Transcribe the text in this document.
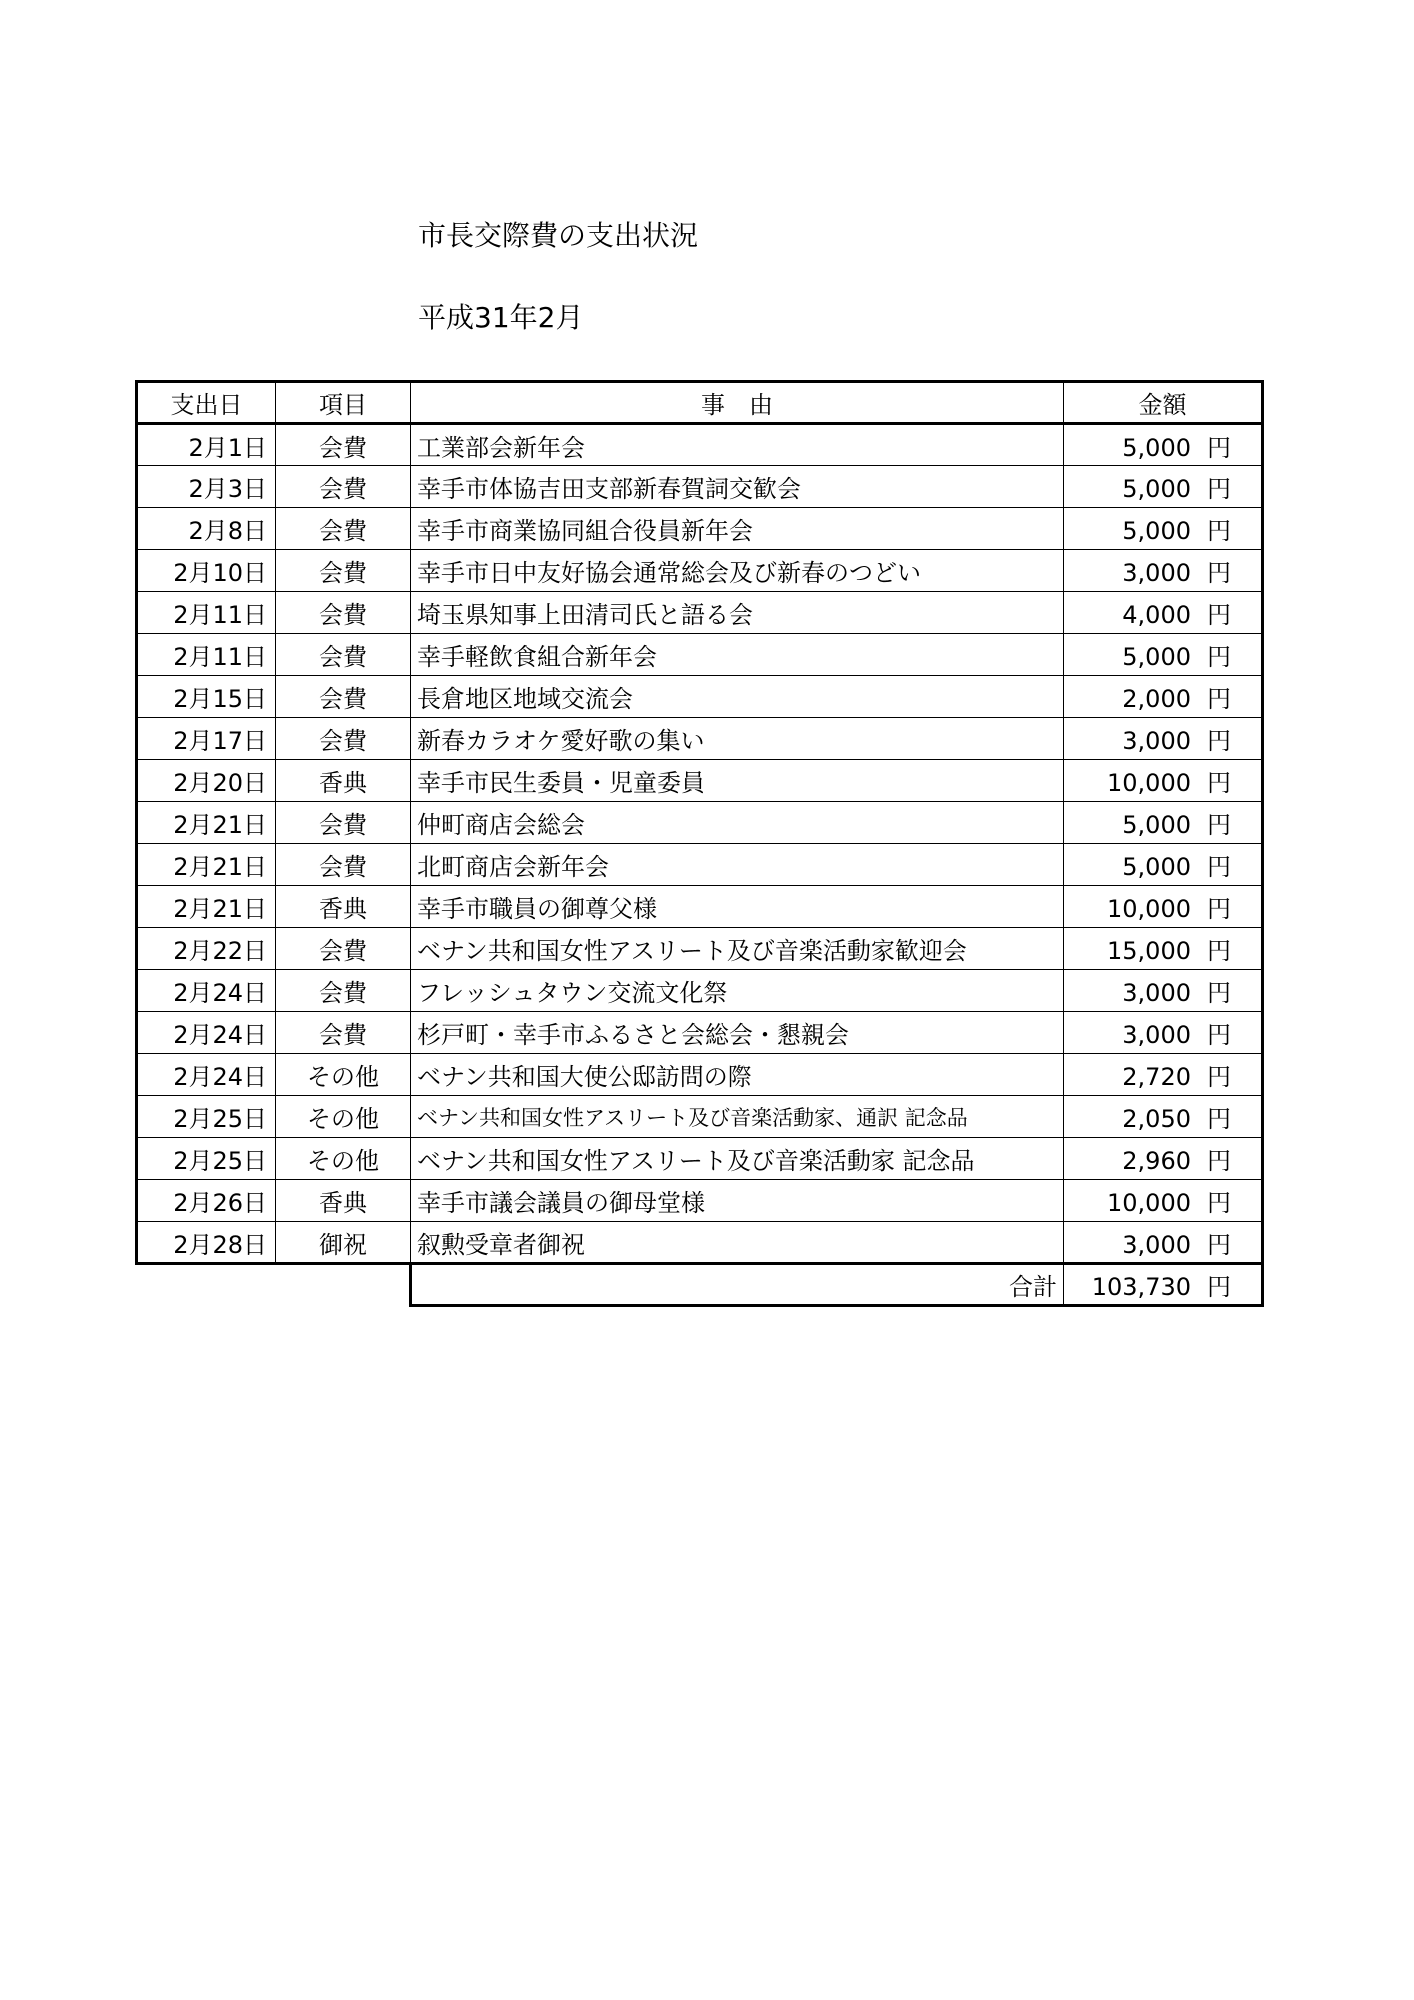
市長交際費の支出状況
平成31年2月
支出日	項目	事　由	金額
2月1日	会費	工業部会新年会	5,000 円
2月3日	会費	幸手市体協吉田支部新春賀詞交歓会	5,000 円
2月8日	会費	幸手市商業協同組合役員新年会	5,000 円
2月10日	会費	幸手市日中友好協会通常総会及び新春のつどい	3,000 円
2月11日	会費	埼玉県知事上田清司氏と語る会	4,000 円
2月11日	会費	幸手軽飲食組合新年会	5,000 円
2月15日	会費	長倉地区地域交流会	2,000 円
2月17日	会費	新春カラオケ愛好歌の集い	3,000 円
2月20日	香典	幸手市民生委員・児童委員	10,000 円
2月21日	会費	仲町商店会総会	5,000 円
2月21日	会費	北町商店会新年会	5,000 円
2月21日	香典	幸手市職員の御尊父様	10,000 円
2月22日	会費	ベナン共和国女性アスリート及び音楽活動家歓迎会	15,000 円
2月24日	会費	フレッシュタウン交流文化祭	3,000 円
2月24日	会費	杉戸町・幸手市ふるさと会総会・懇親会	3,000 円
2月24日	その他	ベナン共和国大使公邸訪問の際	2,720 円
2月25日	その他	ベナン共和国女性アスリート及び音楽活動家、通訳 記念品	2,050 円
2月25日	その他	ベナン共和国女性アスリート及び音楽活動家 記念品	2,960 円
2月26日	香典	幸手市議会議員の御母堂様	10,000 円
2月28日	御祝	叙勲受章者御祝	3,000 円
		合計	103,730 円
